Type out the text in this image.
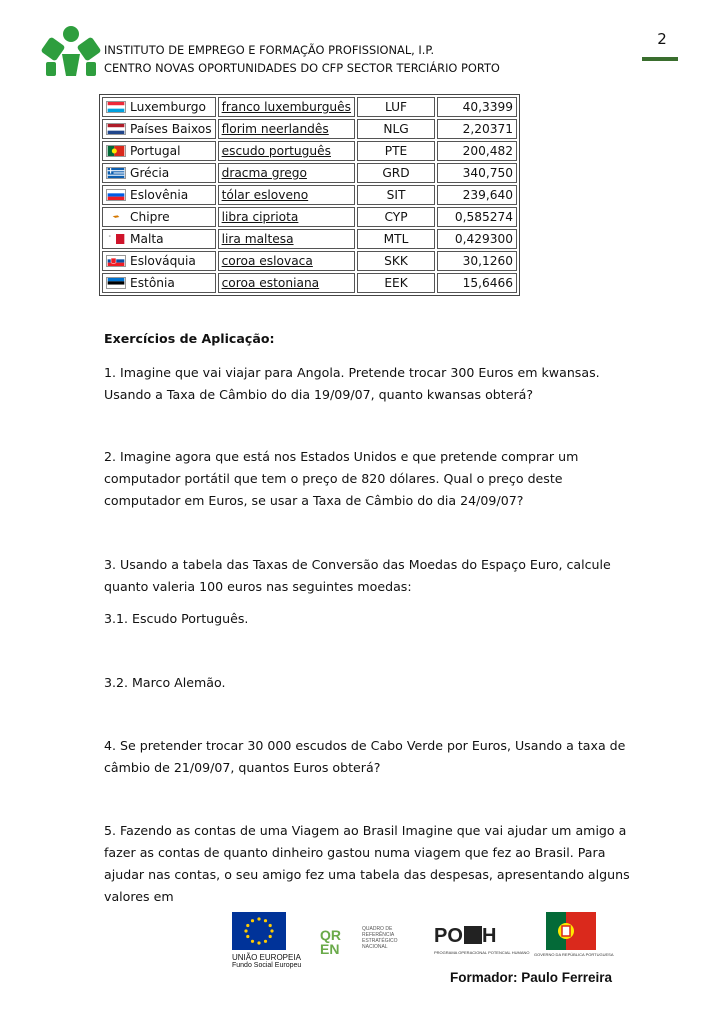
INSTITUTO DE EMPREGO E FORMAÇÃO PROFISSIONAL, I.P.
CENTRO NOVAS OPORTUNIDADES DO CFP SECTOR TERCIÁRIO PORTO
2
Luxemburgo	franco luxemburguês	LUF	40,3399
Países Baixos	florim neerlandês	NLG	2,20371
Portugal	escudo português	PTE	200,482
Grécia	dracma grego	GRD	340,750
Eslovênia	tólar esloveno	SIT	239,640
Chipre	libra cipriota	CYP	0,585274
Malta	lira maltesa	MTL	0,429300
Eslováquia	coroa eslovaca	SKK	30,1260
Estônia	coroa estoniana	EEK	15,6466

Exercícios de Aplicação:

1. Imagine que vai viajar para Angola. Pretende trocar 300 Euros em kwansas. Usando a Taxa de Câmbio do dia 19/09/07, quanto kwansas obterá?

2. Imagine agora que está nos Estados Unidos e que pretende comprar um computador portátil que tem o preço de 820 dólares. Qual o preço deste computador em Euros, se usar a Taxa de Câmbio do dia 24/09/07?

3. Usando a tabela das Taxas de Conversão das Moedas do Espaço Euro, calcule quanto valeria 100 euros nas seguintes moedas:

3.1. Escudo Português.

3.2. Marco Alemão.

4. Se pretender trocar 30 000 escudos de Cabo Verde por Euros, Usando a taxa de câmbio de 21/09/07, quantos Euros obterá?

5. Fazendo as contas de uma Viagem ao Brasil Imagine que vai ajudar um amigo a fazer as contas de quanto dinheiro gastou numa viagem que fez ao Brasil. Para ajudar nas contas, o seu amigo fez uma tabela das despesas, apresentando alguns valores em

UNIÃO EUROPEIA
Fundo Social Europeu
QR
EN
QUADRO DE REFERÊNCIA ESTRATÉGICO NACIONAL	PO H
PROGRAMA OPERACIONAL POTENCIAL HUMANO GOVERNO DA REPÚBLICA PORTUGUESA
Formador: Paulo Ferreira
